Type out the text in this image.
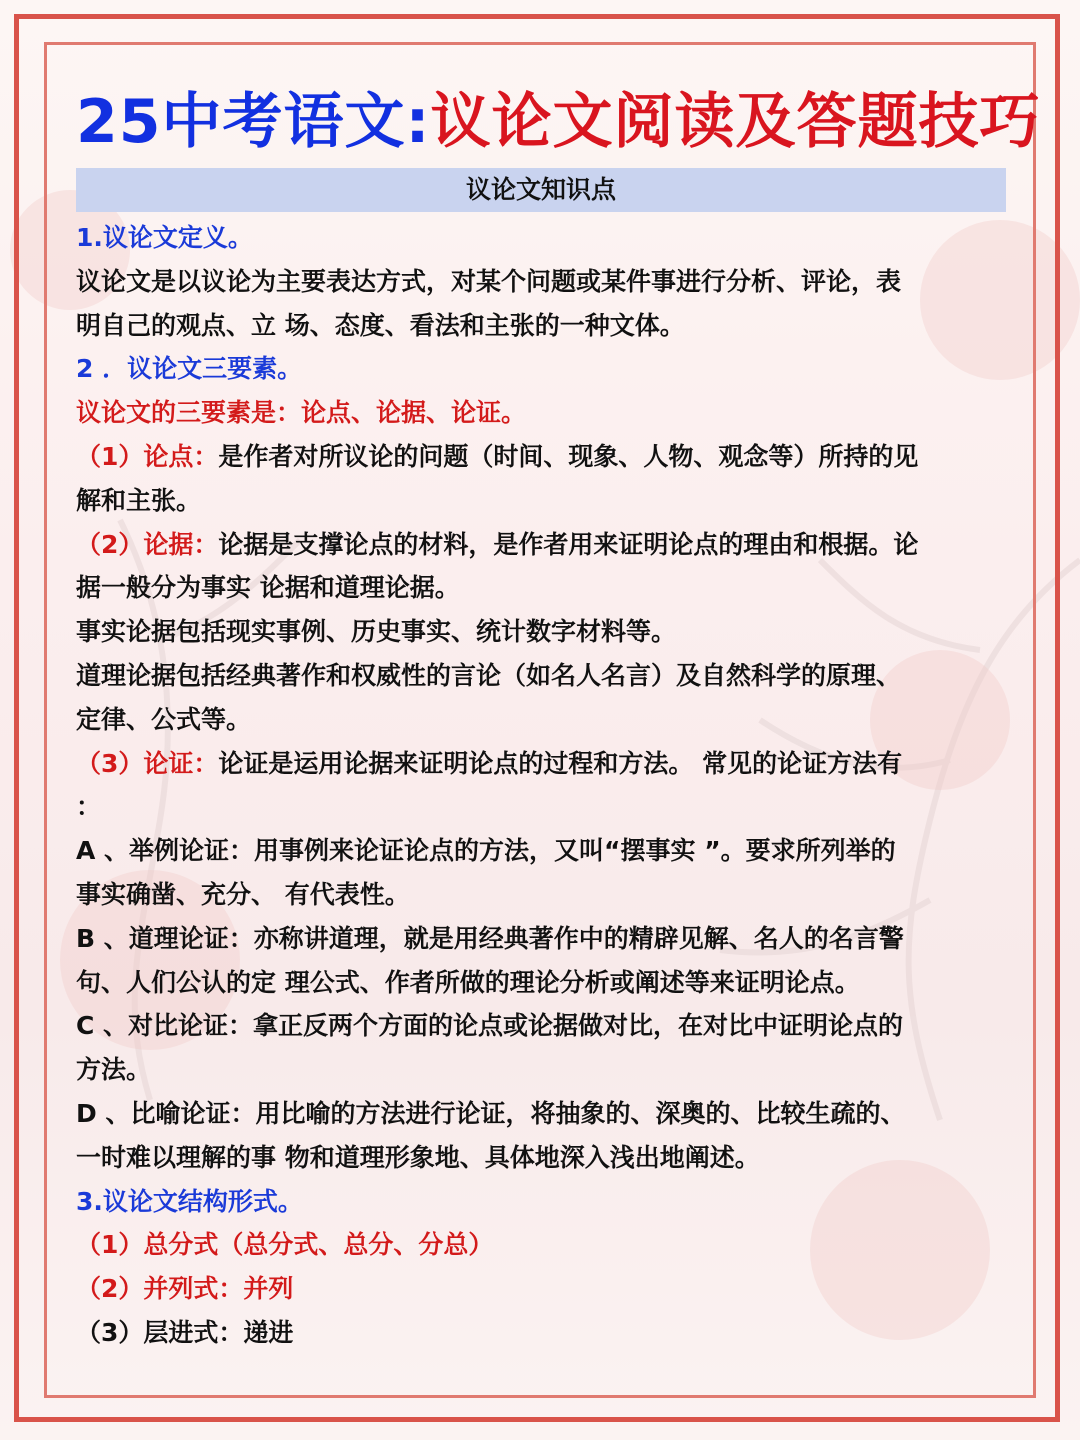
25中考语文:议论文阅读及答题技巧
议论文知识点
1.议论文定义。
议论文是以议论为主要表达方式，对某个问题或某件事进行分析、评论，表
明自己的观点、立 场、态度、看法和主张的一种文体。
2 ．议论文三要素。
议论文的三要素是：论点、论据、论证。
（1）论点：是作者对所议论的问题（时间、现象、人物、观念等）所持的见
解和主张。
（2）论据：论据是支撑论点的材料，是作者用来证明论点的理由和根据。论
据一般分为事实 论据和道理论据。
事实论据包括现实事例、历史事实、统计数字材料等。
道理论据包括经典著作和权威性的言论（如名人名言）及自然科学的原理、
定律、公式等。
（3）论证：论证是运用论据来证明论点的过程和方法。 常见的论证方法有
：
A 、举例论证：用事例来论证论点的方法，又叫“摆事实 ”。要求所列举的
事实确凿、充分、 有代表性。
B 、道理论证：亦称讲道理，就是用经典著作中的精辟见解、名人的名言警
句、人们公认的定 理公式、作者所做的理论分析或阐述等来证明论点。
C 、对比论证：拿正反两个方面的论点或论据做对比，在对比中证明论点的
方法。
D 、比喻论证：用比喻的方法进行论证，将抽象的、深奥的、比较生疏的、
一时难以理解的事 物和道理形象地、具体地深入浅出地阐述。
3.议论文结构形式。
（1）总分式（总分式、总分、分总）
（2）并列式：并列
（3）层进式：递进
